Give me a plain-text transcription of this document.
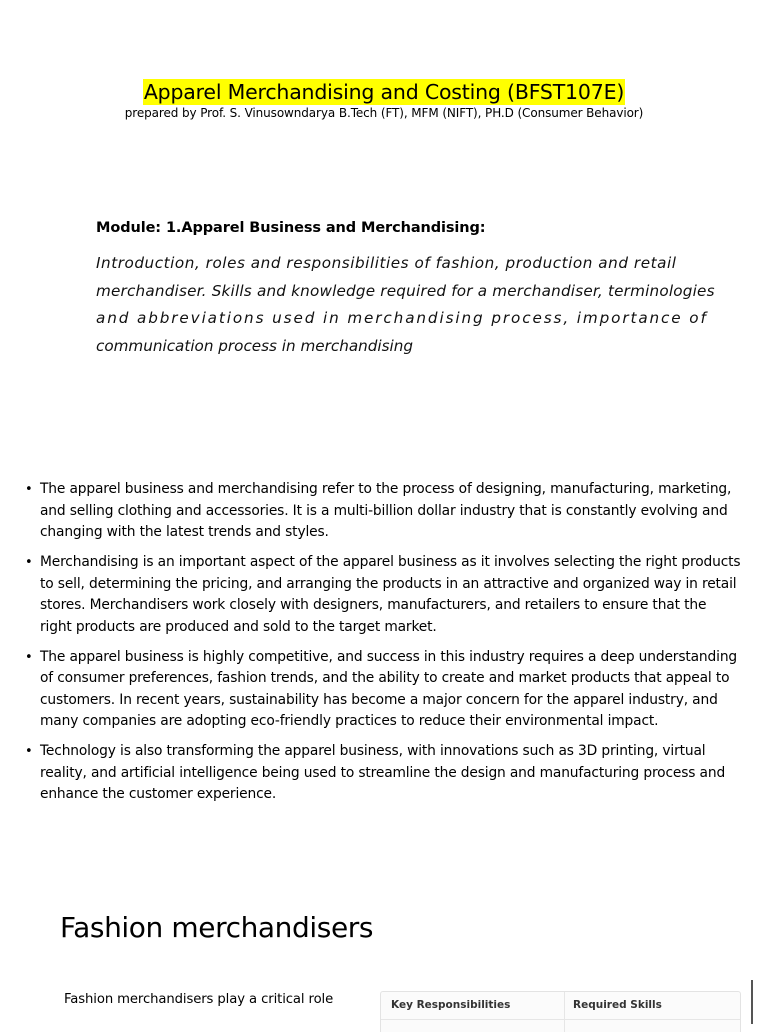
Apparel Merchandising and Costing (BFST107E)
prepared by Prof. S. Vinusowndarya B.Tech (FT), MFM (NIFT), PH.D (Consumer Behavior)
Module: 1.Apparel Business and Merchandising:
Introduction, roles and responsibilities of fashion, production and retail
merchandiser. Skills and knowledge required for a merchandiser, terminologies
and abbreviations used in merchandising process, importance of
communication process in merchandising
• The apparel business and merchandising refer to the process of designing, manufacturing, marketing, and selling clothing and accessories. It is a multi-billion dollar industry that is constantly evolving and changing with the latest trends and styles.
• Merchandising is an important aspect of the apparel business as it involves selecting the right products to sell, determining the pricing, and arranging the products in an attractive and organized way in retail stores. Merchandisers work closely with designers, manufacturers, and retailers to ensure that the right products are produced and sold to the target market.
• The apparel business is highly competitive, and success in this industry requires a deep understanding of consumer preferences, fashion trends, and the ability to create and market products that appeal to customers. In recent years, sustainability has become a major concern for the apparel industry, and many companies are adopting eco-friendly practices to reduce their environmental impact.
• Technology is also transforming the apparel business, with innovations such as 3D printing, virtual reality, and artificial intelligence being used to streamline the design and manufacturing process and enhance the customer experience.
Fashion merchandisers
Fashion merchandisers play a critical role	Key Responsibilities	Required Skills
